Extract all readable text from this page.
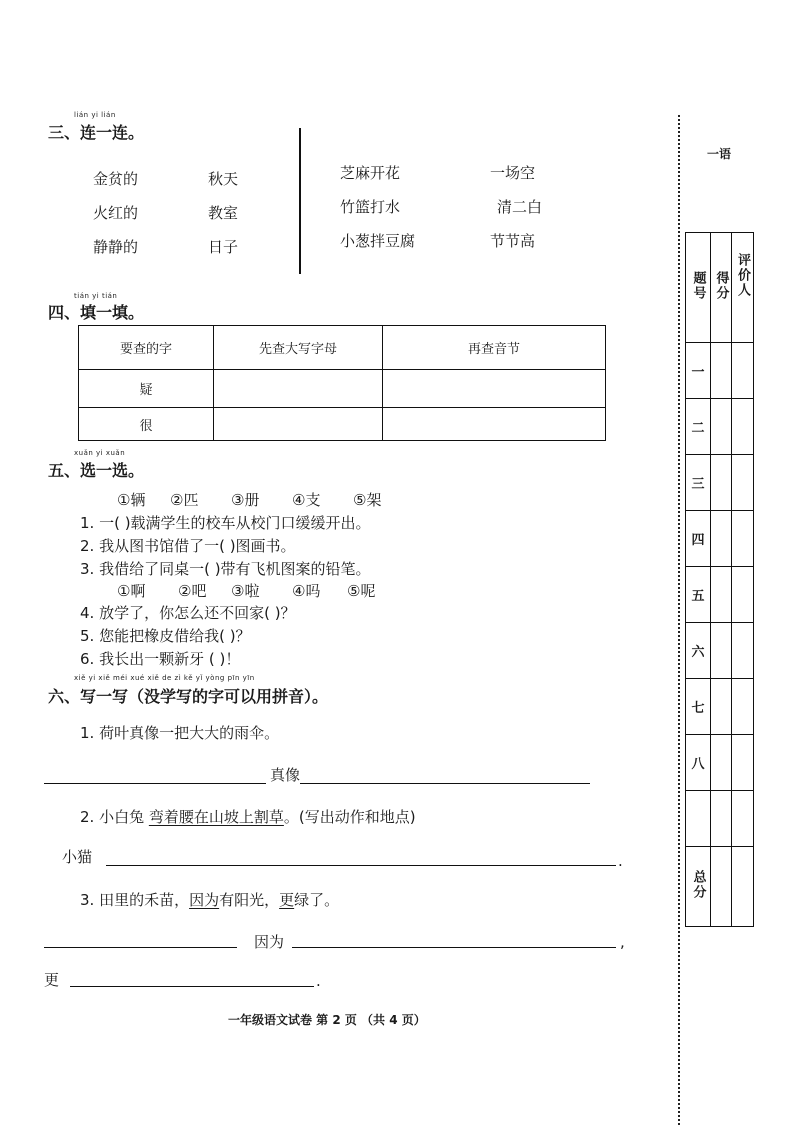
lián yi lián
三、连一连。
金贫的
火红的
静静的
秋天
教室
日子
芝麻开花
竹篮打水
小葱拌豆腐
一场空
清二白
节节高
tián yi tián
四、填一填。
要查的字	先查大写字母	再查音节
疑		
很		
xuǎn yi xuǎn
五、选一选。
①辆 ②匹 ③册 ④支 ⑤架
1. 一( )载满学生的校车从校门口缓缓开出。
2. 我从图书馆借了一( )图画书。
3. 我借给了同桌一( )带有飞机图案的铅笔。
①啊 ②吧 ③啦 ④吗 ⑤呢
4. 放学了，你怎么还不回家( )？
5. 您能把橡皮借给我( )？
6. 我长出一颗新牙 ( )！
xiě yi xiě méi xué xiě de zì kě yǐ yòng pīn yīn
六、写一写（没学写的字可以用拼音）。
1. 荷叶真像一把大大的雨伞。
真像
2. 小白兔 弯着腰在山坡上割草。(写出动作和地点)
小猫	.
3. 田里的禾苗，因为有阳光，更绿了。
因为	,
更	.
一年级语文试卷 第 2 页 （共 4 页）
一语
题号	得分	评价人
一		
二		
三		
四		
五		
六		
七		
八		

总分		
